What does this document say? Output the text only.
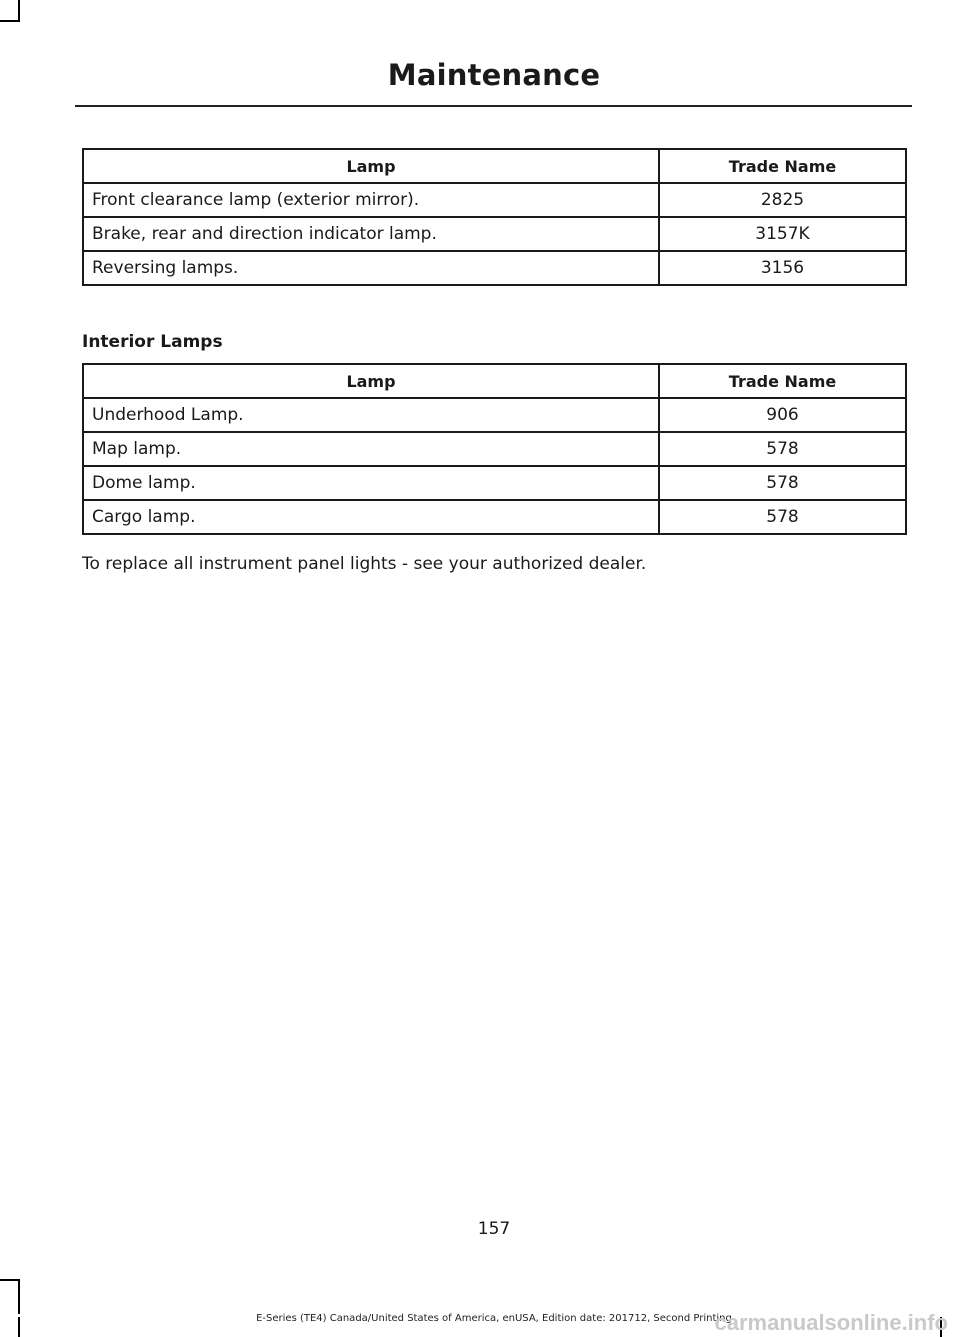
Maintenance
Lamp	Trade Name
Front clearance lamp (exterior mirror).	2825
Brake, rear and direction indicator lamp.	3157K
Reversing lamps.	3156
Interior Lamps
Lamp	Trade Name
Underhood Lamp.	906
Map lamp.	578
Dome lamp.	578
Cargo lamp.	578
To replace all instrument panel lights - see your authorized dealer.
157
E-Series (TE4) Canada/United States of America, enUSA, Edition date: 201712, Second Printing
carmanualsonline.info
